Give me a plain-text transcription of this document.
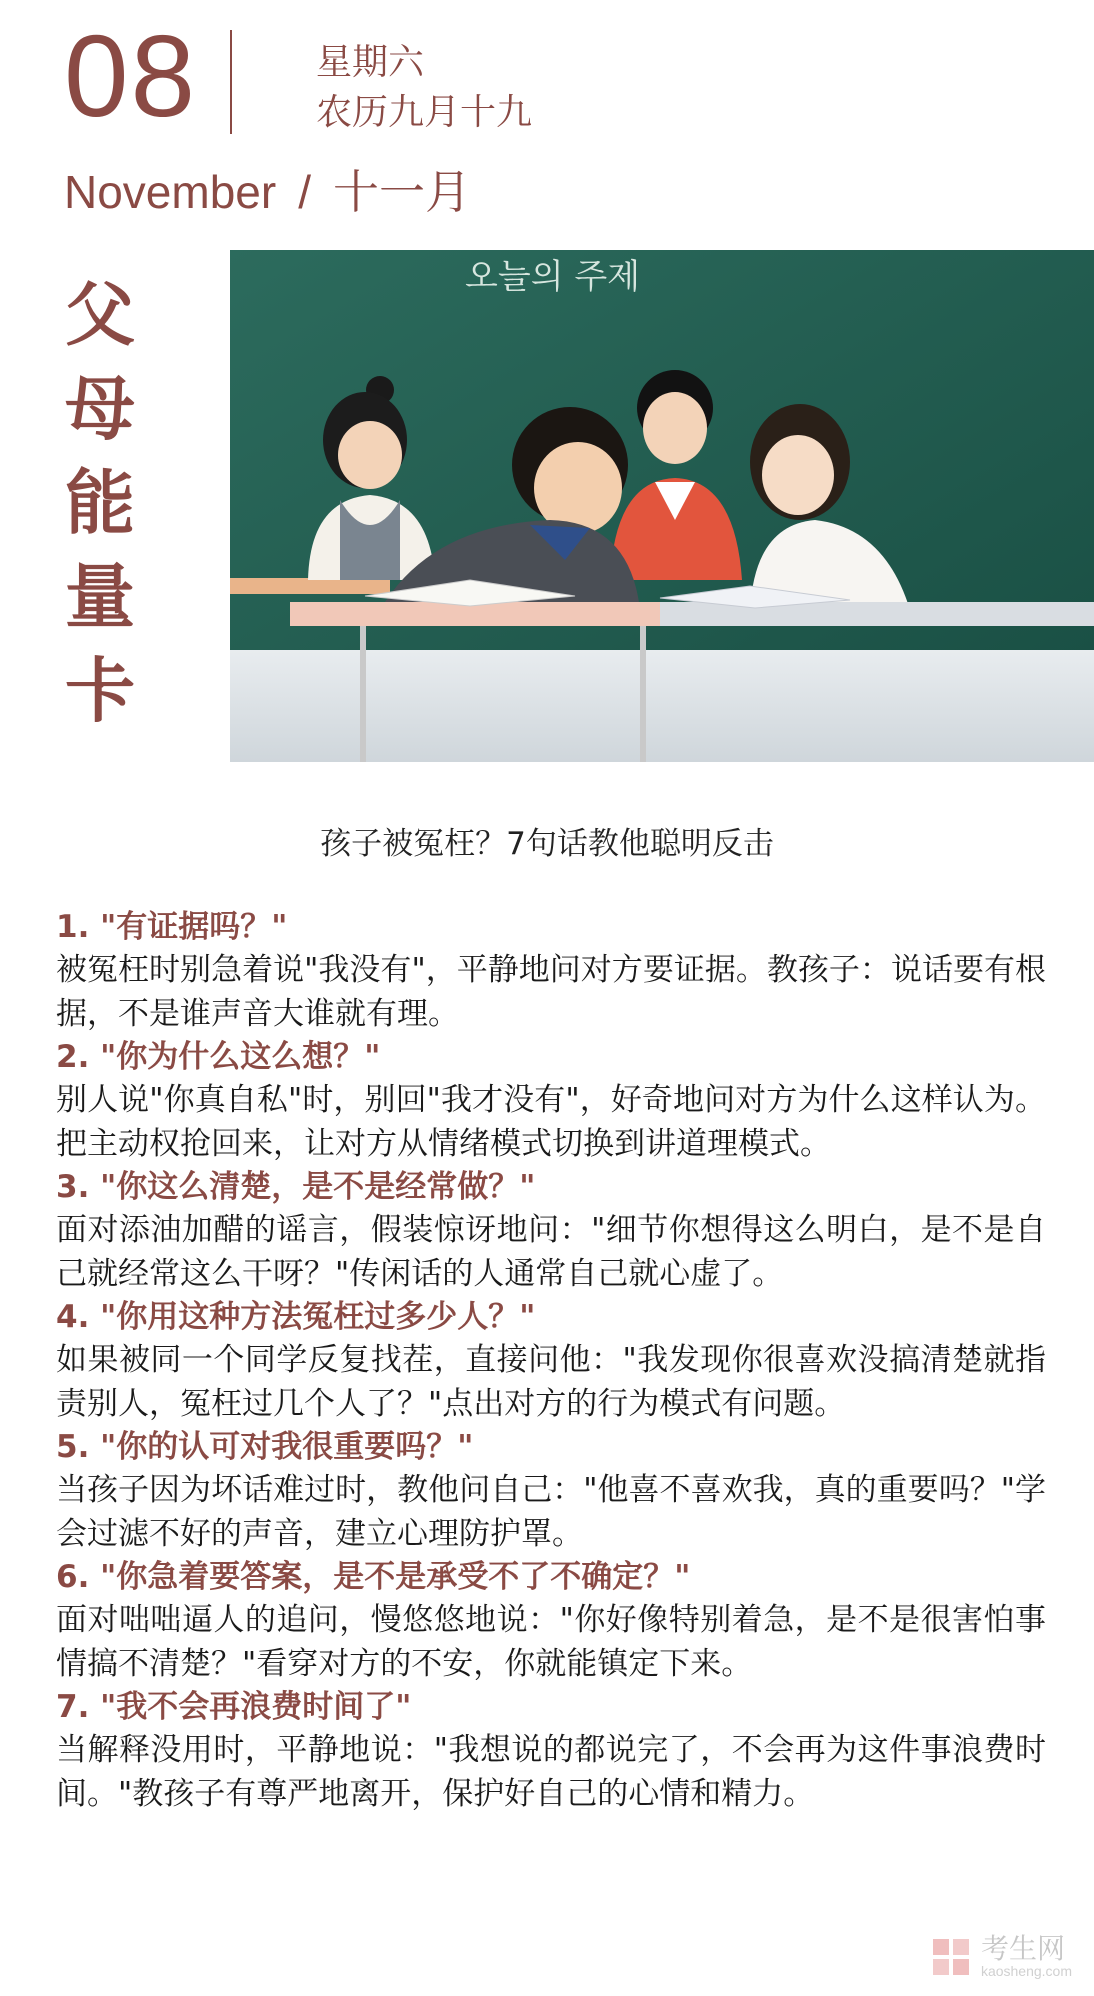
08	星期六
农历九月十九
November / 十一月
父
母
能
量
卡
오늘의 주제
孩子被冤枉？7句话教他聪明反击
1. "有证据吗？"
被冤枉时别急着说"我没有"，平静地问对方要证据。教孩子：说话要有根据，不是谁声音大谁就有理。
2. "你为什么这么想？"
别人说"你真自私"时，别回"我才没有"，好奇地问对方为什么这样认为。把主动权抢回来，让对方从情绪模式切换到讲道理模式。
3. "你这么清楚，是不是经常做？"
面对添油加醋的谣言，假装惊讶地问："细节你想得这么明白，是不是自己就经常这么干呀？"传闲话的人通常自己就心虚了。
4. "你用这种方法冤枉过多少人？"
如果被同一个同学反复找茬，直接问他："我发现你很喜欢没搞清楚就指责别人，冤枉过几个人了？"点出对方的行为模式有问题。
5. "你的认可对我很重要吗？"
当孩子因为坏话难过时，教他问自己："他喜不喜欢我，真的重要吗？"学会过滤不好的声音，建立心理防护罩。
6. "你急着要答案，是不是承受不了不确定？"
面对咄咄逼人的追问，慢悠悠地说："你好像特别着急，是不是很害怕事情搞不清楚？"看穿对方的不安，你就能镇定下来。
7. "我不会再浪费时间了"
当解释没用时，平静地说："我想说的都说完了，不会再为这件事浪费时间。"教孩子有尊严地离开，保护好自己的心情和精力。
考生网
kaosheng.com
